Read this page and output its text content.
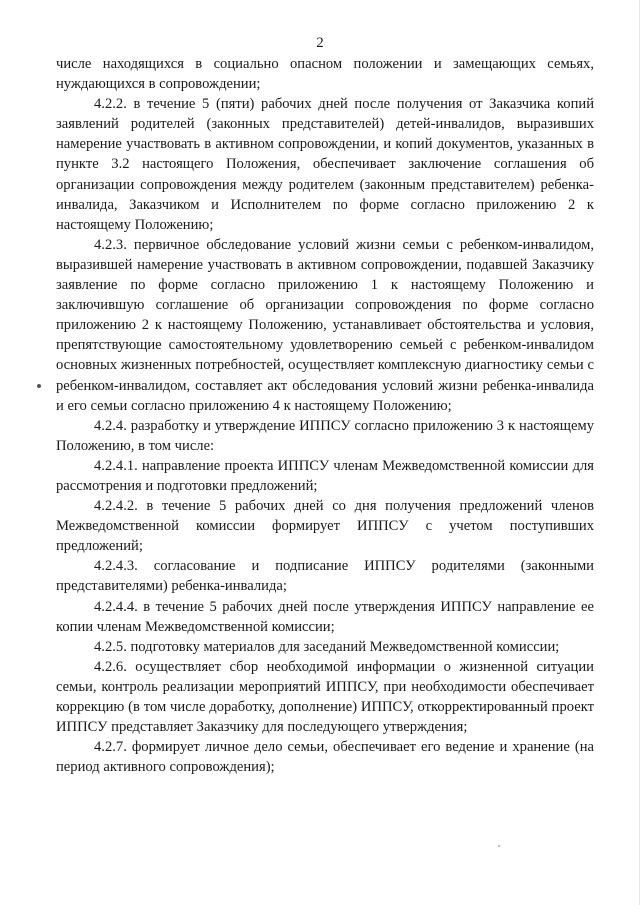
2

числе находящихся в социально опасном положении и замещающих семьях, нуждающихся в сопровождении;

4.2.2. в течение 5 (пяти) рабочих дней после получения от Заказчика копий заявлений родителей (законных представителей) детей-инвалидов, выразивших намерение участвовать в активном сопровождении, и копий документов, указанных в пункте 3.2 настоящего Положения, обеспечивает заключение соглашения об организации сопровождения между родителем (законным представителем) ребенка-инвалида, Заказчиком и Исполнителем по форме согласно приложению 2 к настоящему Положению;

4.2.3. первичное обследование условий жизни семьи с ребенком-инвалидом, выразившей намерение участвовать в активном сопровождении, подавшей Заказчику заявление по форме согласно приложению 1 к настоящему Положению и заключившую соглашение об организации сопровождения по форме согласно приложению 2 к настоящему Положению, устанавливает обстоятельства и условия, препятствующие самостоятельному удовлетворению семьей с ребенком-инвалидом основных жизненных потребностей, осуществляет комплексную диагностику семьи с ребенком-инвалидом, составляет акт обследования условий жизни ребенка-инвалида и его семьи согласно приложению 4 к настоящему Положению;

4.2.4. разработку и утверждение ИППСУ согласно приложению 3 к настоящему Положению, в том числе:

4.2.4.1. направление проекта ИППСУ членам Межведомственной комиссии для рассмотрения и подготовки предложений;

4.2.4.2. в течение 5 рабочих дней со дня получения предложений членов Межведомственной комиссии формирует ИППСУ с учетом поступивших предложений;

4.2.4.3. согласование и подписание ИППСУ родителями (законными представителями) ребенка-инвалида;

4.2.4.4. в течение 5 рабочих дней после утверждения ИППСУ направление ее копии членам Межведомственной комиссии;

4.2.5. подготовку материалов для заседаний Межведомственной комиссии;

4.2.6. осуществляет сбор необходимой информации о жизненной ситуации семьи, контроль реализации мероприятий ИППСУ, при необходимости обеспечивает коррекцию (в том числе доработку, дополнение) ИППСУ, откорректированный проект ИППСУ представляет Заказчику для последующего утверждения;

4.2.7. формирует личное дело семьи, обеспечивает его ведение и хранение (на период активного сопровождения);
